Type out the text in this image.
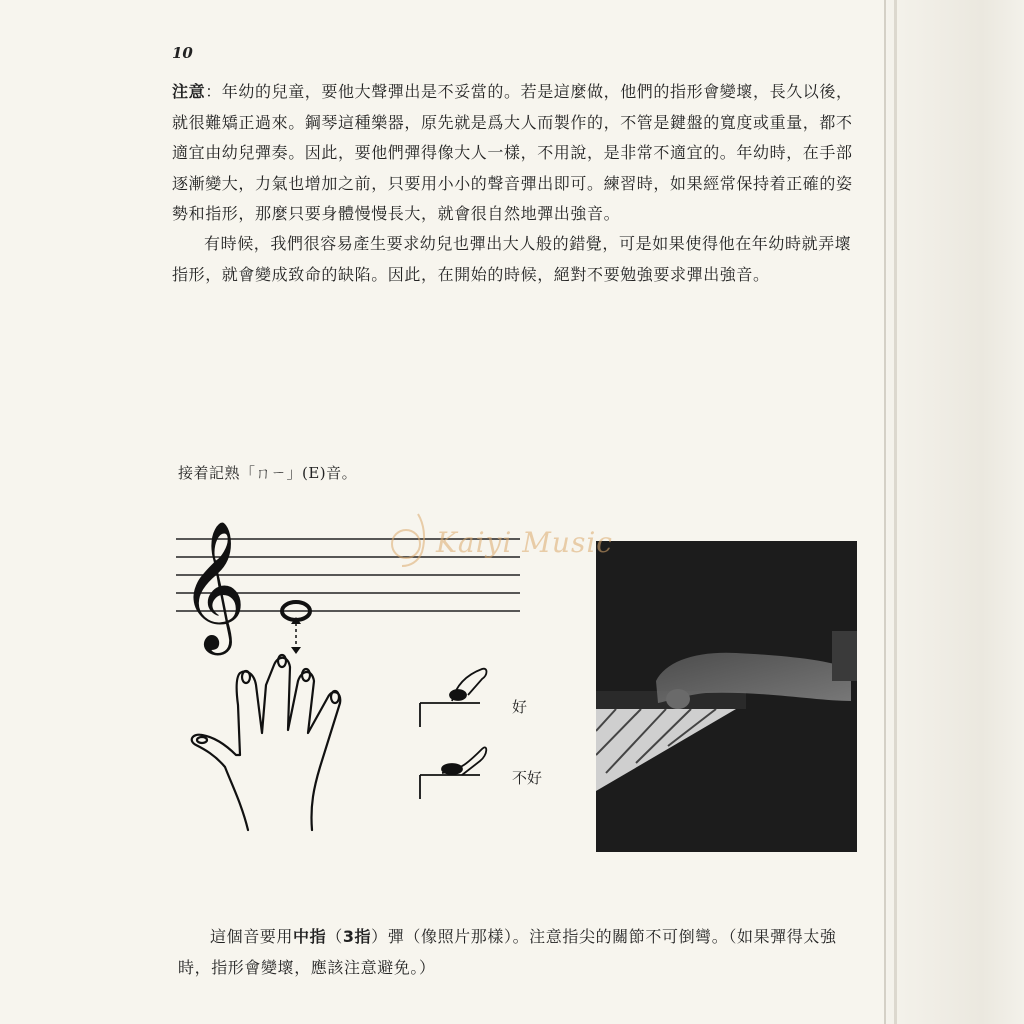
10
注意：年幼的兒童，要他大聲彈出是不妥當的。若是這麼做，他們的指形會變壞，長久以後，就很難矯正過來。鋼琴這種樂器，原先就是爲大人而製作的，不管是鍵盤的寬度或重量，都不適宜由幼兒彈奏。因此，要他們彈得像大人一樣，不用說，是非常不適宜的。年幼時，在手部逐漸變大，力氣也增加之前，只要用小小的聲音彈出即可。練習時，如果經常保持着正確的姿勢和指形，那麼只要身體慢慢長大，就會很自然地彈出強音。
有時候，我們很容易產生要求幼兒也彈出大人般的錯覺，可是如果使得他在年幼時就弄壞指形，就會變成致命的缺陷。因此，在開始的時候，絕對不要勉強要求彈出強音。
接着記熟「ㄇㄧ」(E)音。
𝄞
好
不好
Kaiyi Music
這個音要用中指（3指）彈（像照片那樣）。注意指尖的關節不可倒彎。（如果彈得太強時，指形會變壞，應該注意避免。）
